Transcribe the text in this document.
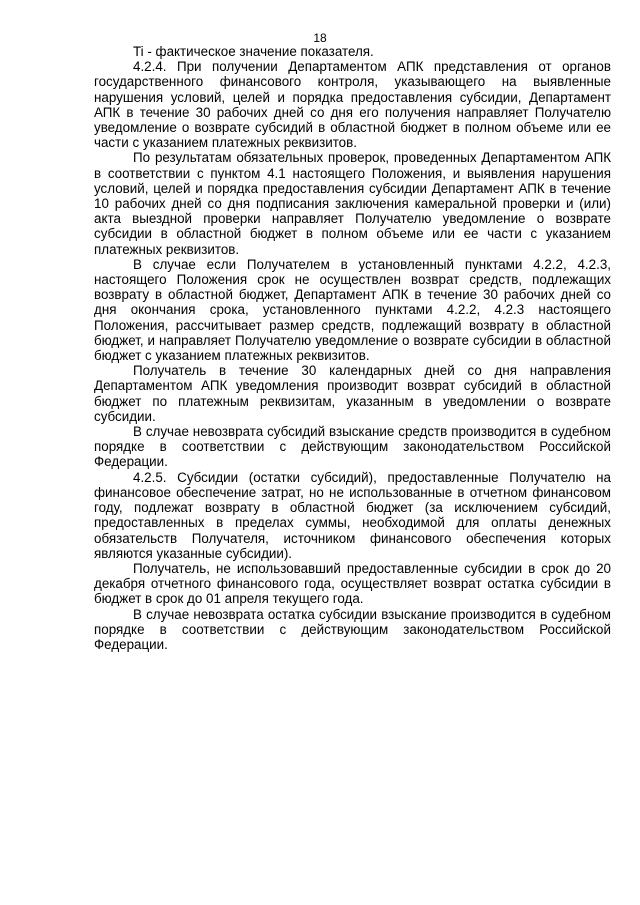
18

Ti - фактическое значение показателя.

4.2.4. При получении Департаментом АПК представления от органов государственного финансового контроля, указывающего на выявленные нарушения условий, целей и порядка предоставления субсидии, Департамент АПК в течение 30 рабочих дней со дня его получения направляет Получателю уведомление о возврате субсидий в областной бюджет в полном объеме или ее части с указанием платежных реквизитов.

По результатам обязательных проверок, проведенных Департаментом АПК в соответствии с пунктом 4.1 настоящего Положения, и выявления нарушения условий, целей и порядка предоставления субсидии Департамент АПК в течение 10 рабочих дней со дня подписания заключения камеральной проверки и (или) акта выездной проверки направляет Получателю уведомление о возврате субсидии в областной бюджет в полном объеме или ее части с указанием платежных реквизитов.

В случае если Получателем в установленный пунктами 4.2.2, 4.2.3, настоящего Положения срок не осуществлен возврат средств, подлежащих возврату в областной бюджет, Департамент АПК в течение 30 рабочих дней со дня окончания срока, установленного пунктами 4.2.2, 4.2.3 настоящего Положения, рассчитывает размер средств, подлежащий возврату в областной бюджет, и направляет Получателю уведомление о возврате субсидии в областной бюджет с указанием платежных реквизитов.

Получатель в течение 30 календарных дней со дня направления Департаментом АПК уведомления производит возврат субсидий в областной бюджет по платежным реквизитам, указанным в уведомлении о возврате субсидии.

В случае невозврата субсидий взыскание средств производится в судебном порядке в соответствии с действующим законодательством Российской Федерации.

4.2.5. Субсидии (остатки субсидий), предоставленные Получателю на финансовое обеспечение затрат, но не использованные в отчетном финансовом году, подлежат возврату в областной бюджет (за исключением субсидий, предоставленных в пределах суммы, необходимой для оплаты денежных обязательств Получателя, источником финансового обеспечения которых являются указанные субсидии).

Получатель, не использовавший предоставленные субсидии в срок до 20 декабря отчетного финансового года, осуществляет возврат остатка субсидии в бюджет в срок до 01 апреля текущего года.

В случае невозврата остатка субсидии взыскание производится в судебном порядке в соответствии с действующим законодательством Российской Федерации.
